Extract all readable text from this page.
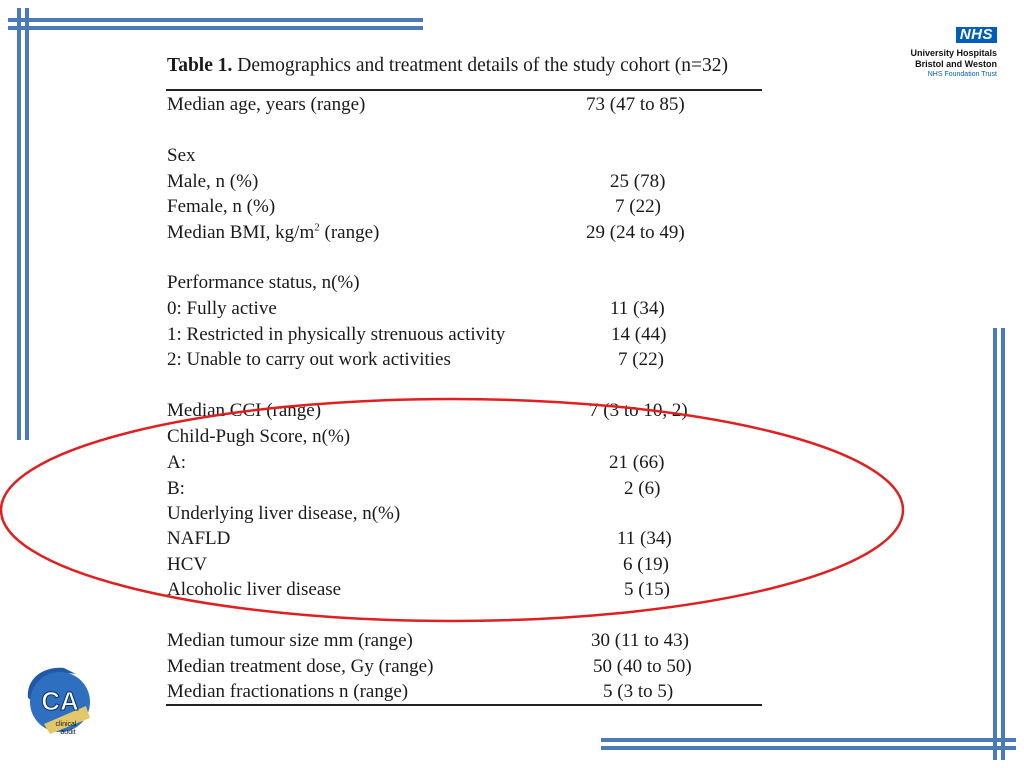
NHS
University Hospitals
Bristol and Weston
NHS Foundation Trust
Table 1. Demographics and treatment details of the study cohort (n=32)
Median age, years (range)	73 (47 to 85)
Sex
Male, n (%)	25 (78)
Female, n (%)	7 (22)
Median BMI, $kg/m^2$ (range)	29 (24 to 49)
Performance status, n(%)
0: Fully active	11 (34)
1: Restricted in physically strenuous activity	14 (44)
2: Unable to carry out work activities	7 (22)
Median CCI (range)	7 (3 to 10, 2)
Child-Pugh Score, n(%)
A:	21 (66)
B:	2 (6)
Underlying liver disease, n(%)
NAFLD	11 (34)
HCV	6 (19)
Alcoholic liver disease	5 (15)
Median tumour size mm (range)	30 (11 to 43)
Median treatment dose, Gy (range)	50 (40 to 50)
Median fractionations n (range)	5 (3 to 5)
CA
clinical
audit
